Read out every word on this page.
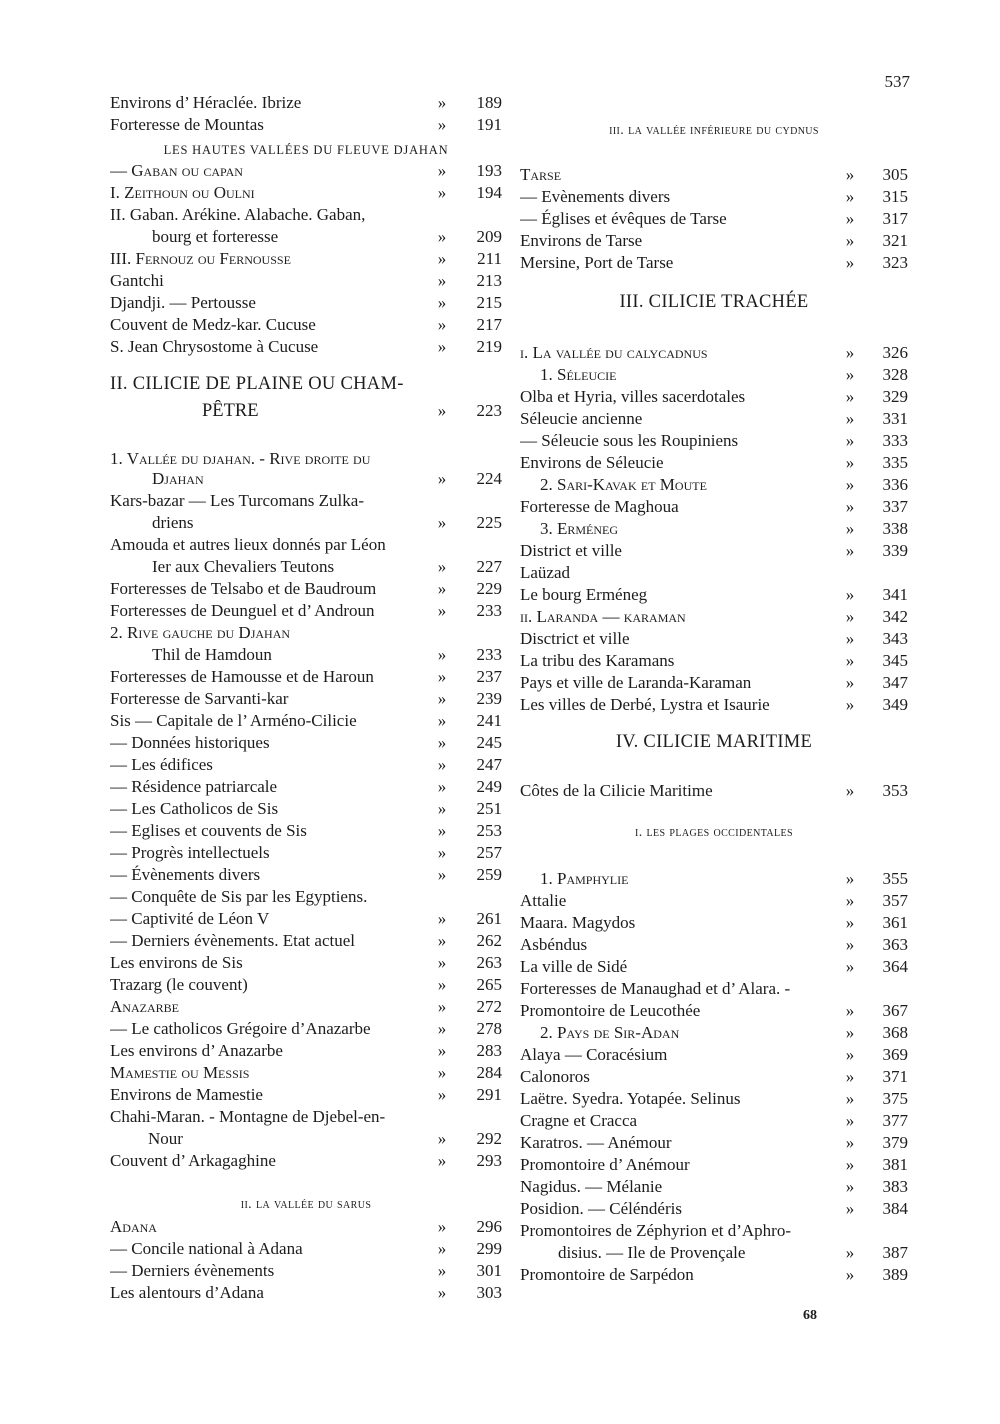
537
Environs d’ Héraclée. Ibrize	»	189
Forteresse de Mountas	»	191
LES HAUTES VALLÉES DU FLEUVE DJAHAN
— Gaban ou capan	»	193
I. Zeithoun ou Oulni	»	194
II. Gaban. Arékine. Alabache. Gaban,
bourg et forteresse	»	209
III. Fernouz ou Fernousse	»	211
Gantchi	»	213
Djandji. — Pertousse	»	215
Couvent de Medz-kar. Cucuse	»	217
S. Jean Chrysostome à Cucuse	»	219
II. CILICIE DE PLAINE OU CHAM-
PÊTRE	»	223
1. Vallée du djahan. - Rive droite du
Djahan	»	224
Kars-bazar — Les Turcomans Zulka-
driens	»	225
Amouda et autres lieux donnés par Léon
Ier aux Chevaliers Teutons	»	227
Forteresses de Telsabo et de Baudroum	»	229
Forteresses de Deunguel et d’ Androun	»	233
2. Rive gauche du Djahan
Thil de Hamdoun	»	233
Forteresses de Hamousse et de Haroun	»	237
Forteresse de Sarvanti-kar	»	239
Sis — Capitale de l’ Arméno-Cilicie	»	241
— Données historiques	»	245
— Les édifices	»	247
— Résidence patriarcale	»	249
— Les Catholicos de Sis	»	251
— Eglises et couvents de Sis	»	253
— Progrès intellectuels	»	257
— Évènements divers	»	259
— Conquête de Sis par les Egyptiens.
— Captivité de Léon V	»	261
— Derniers évènements. Etat actuel	»	262
Les environs de Sis	»	263
Trazarg (le couvent)	»	265
Anazarbe	»	272
— Le catholicos Grégoire d’Anazarbe	»	278
Les environs d’ Anazarbe	»	283
Mamestie ou Messis	»	284
Environs de Mamestie	»	291
Chahi-Maran. - Montagne de Djebel-en-
Nour	»	292
Couvent d’ Arkagaghine	»	293
ii. la vallée du sarus
Adana	»	296
— Concile national à Adana	»	299
— Derniers évènements	»	301
Les alentours d’Adana	»	303
iii. la vallée inférieure du cydnus
Tarse	»	305
— Evènements divers	»	315
— Églises et évêques de Tarse	»	317
Environs de Tarse	»	321
Mersine, Port de Tarse	»	323
III. CILICIE TRACHÉE
i. La vallée du calycadnus	»	326
1. Séleucie	»	328
Olba et Hyria, villes sacerdotales	»	329
Séleucie ancienne	»	331
— Séleucie sous les Roupiniens	»	333
Environs de Séleucie	»	335
2. Sari-Kavak et Moute	»	336
Forteresse de Maghoua	»	337
3. Erméneg	»	338
District et ville	»	339
Laüzad
Le bourg Erméneg	»	341
ii. Laranda — karaman	»	342
Disctrict et ville	»	343
La tribu des Karamans	»	345
Pays et ville de Laranda-Karaman	»	347
Les villes de Derbé, Lystra et Isaurie	»	349
IV. CILICIE MARITIME
Côtes de la Cilicie Maritime	»	353
i. les plages occidentales
1. Pamphylie	»	355
Attalie	»	357
Maara. Magydos	»	361
Asbéndus	»	363
La ville de Sidé	»	364
Forteresses de Manaughad et d’ Alara. -
Promontoire de Leucothée	»	367
2. Pays de Sir-Adan	»	368
Alaya — Coracésium	»	369
Calonoros	»	371
Laëtre. Syedra. Yotapée. Selinus	»	375
Cragne et Cracca	»	377
Karatros. — Anémour	»	379
Promontoire d’ Anémour	»	381
Nagidus. — Mélanie	»	383
Posidion. — Céléndéris	»	384
Promontoires de Zéphyrion et d’Aphro-
disius. — Ile de Provençale	»	387
Promontoire de Sarpédon	»	389
68
